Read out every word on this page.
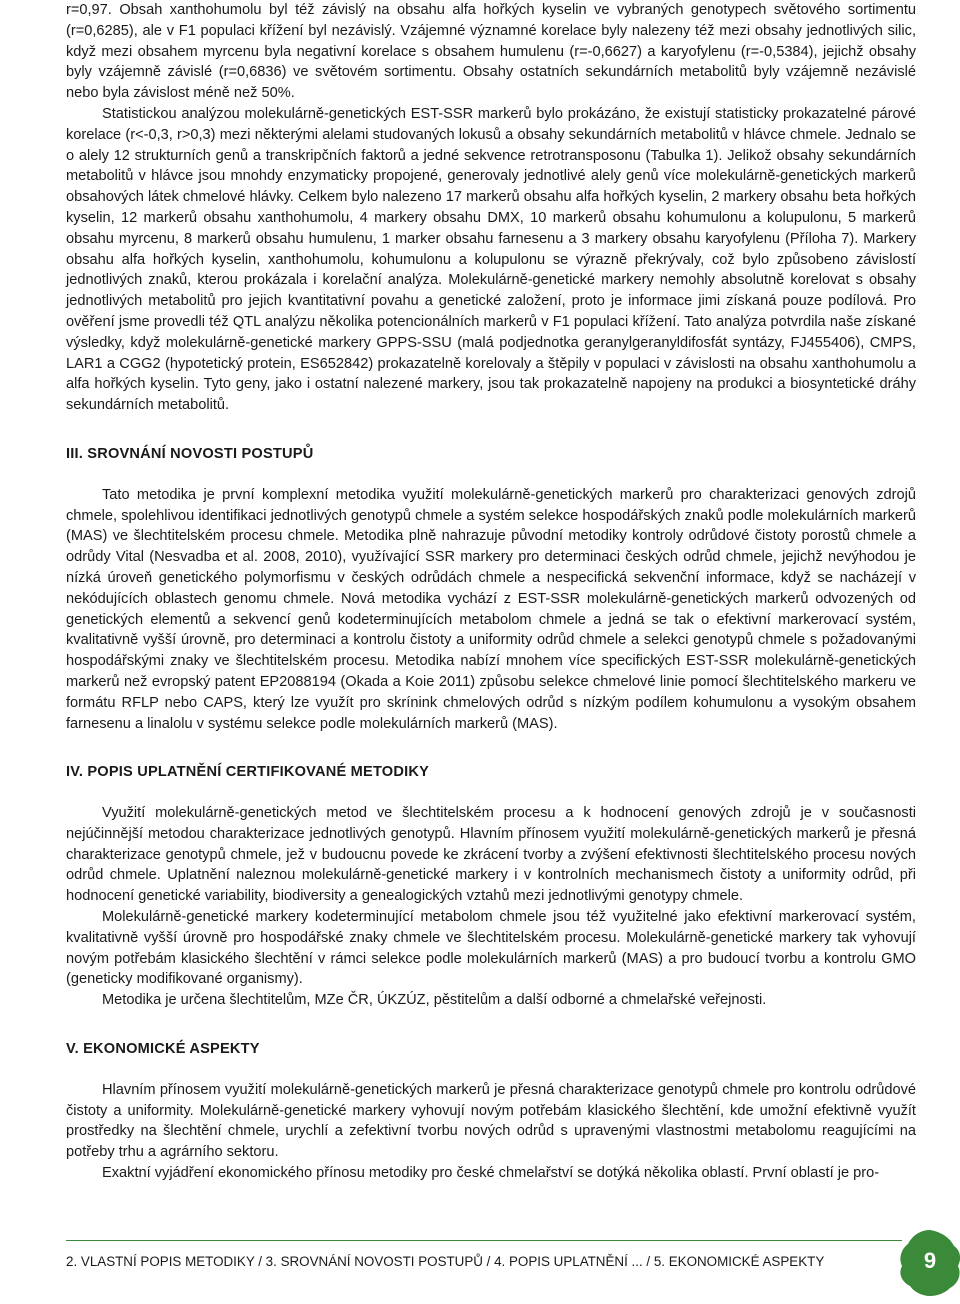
r=0,97. Obsah xanthohumolu byl též závislý na obsahu alfa hořkých kyselin ve vybraných genotypech světového sortimentu (r=0,6285), ale v F1 populaci křížení byl nezávislý. Vzájemné významné korelace byly nalezeny též mezi obsahy jednotlivých silic, když mezi obsahem myrcenu byla negativní korelace s obsahem humulenu (r=-0,6627) a karyofylenu (r=-0,5384), jejichž obsahy byly vzájemně závislé (r=0,6836) ve světovém sortimentu. Obsahy ostatních sekundárních metabolitů byly vzájemně nezávislé nebo byla závislost méně než 50%.

Statistickou analýzou molekulárně-genetických EST-SSR markerů bylo prokázáno, že existují statisticky prokazatelné párové korelace (r<-0,3, r>0,3) mezi některými alelami studovaných lokusů a obsahy sekundárních metabolitů v hlávce chmele. Jednalo se o alely 12 strukturních genů a transkripčních faktorů a jedné sekvence retrotransposonu (Tabulka 1). Jelikož obsahy sekundárních metabolitů v hlávce jsou mnohdy enzymaticky propojené, generovaly jednotlivé alely genů více molekulárně-genetických markerů obsahových látek chmelové hlávky. Celkem bylo nalezeno 17 markerů obsahu alfa hořkých kyselin, 2 markery obsahu beta hořkých kyselin, 12 markerů obsahu xanthohumolu, 4 markery obsahu DMX, 10 markerů obsahu kohumulonu a kolupulonu, 5 markerů obsahu myrcenu, 8 markerů obsahu humulenu, 1 marker obsahu farnesenu a 3 markery obsahu karyofylenu (Příloha 7). Markery obsahu alfa hořkých kyselin, xanthohumolu, kohumulonu a kolupulonu se výrazně překrývaly, což bylo způsobeno závislostí jednotlivých znaků, kterou prokázala i korelační analýza. Molekulárně-genetické markery nemohly absolutně korelovat s obsahy jednotlivých metabolitů pro jejich kvantitativní povahu a genetické založení, proto je informace jimi získaná pouze podílová. Pro ověření jsme provedli též QTL analýzu několika potencionálních markerů v F1 populaci křížení. Tato analýza potvrdila naše získané výsledky, když molekulárně-genetické markery GPPS-SSU (malá podjednotka geranylgeranyldifosfát syntázy, FJ455406), CMPS, LAR1 a CGG2 (hypotetický protein, ES652842) prokazatelně korelovaly a štěpily v populaci v závislosti na obsahu xanthohumolu a alfa hořkých kyselin. Tyto geny, jako i ostatní nalezené markery, jsou tak prokazatelně napojeny na produkci a biosyntetické dráhy sekundárních metabolitů.

III. SROVNÁNÍ NOVOSTI POSTUPŮ

Tato metodika je první komplexní metodika využití molekulárně-genetických markerů pro charakterizaci genových zdrojů chmele, spolehlivou identifikaci jednotlivých genotypů chmele a systém selekce hospodářských znaků podle molekulárních markerů (MAS) ve šlechtitelském procesu chmele. Metodika plně nahrazuje původní metodiky kontroly odrůdové čistoty porostů chmele a odrůdy Vital (Nesvadba et al. 2008, 2010), využívající SSR markery pro determinaci českých odrůd chmele, jejichž nevýhodou je nízká úroveň genetického polymorfismu v českých odrůdách chmele a nespecifická sekvenční informace, když se nacházejí v nekódujících oblastech genomu chmele. Nová metodika vychází z EST-SSR molekulárně-genetických markerů odvozených od genetických elementů a sekvencí genů kodeterminujících metabolom chmele a jedná se tak o efektivní markerovací systém, kvalitativně vyšší úrovně, pro determinaci a kontrolu čistoty a uniformity odrůd chmele a selekci genotypů chmele s požadovanými hospodářskými znaky ve šlechtitelském procesu. Metodika nabízí mnohem více specifických EST-SSR molekulárně-genetických markerů než evropský patent EP2088194 (Okada a Koie 2011) způsobu selekce chmelové linie pomocí šlechtitelského markeru ve formátu RFLP nebo CAPS, který lze využít pro skrínink chmelových odrůd s nízkým podílem kohumulonu a vysokým obsahem farnesenu a linalolu v systému selekce podle molekulárních markerů (MAS).

IV. POPIS UPLATNĚNÍ CERTIFIKOVANÉ METODIKY

Využití molekulárně-genetických metod ve šlechtitelském procesu a k hodnocení genových zdrojů je v současnosti nejúčinnější metodou charakterizace jednotlivých genotypů. Hlavním přínosem využití molekulárně-genetických markerů je přesná charakterizace genotypů chmele, jež v budoucnu povede ke zkrácení tvorby a zvýšení efektivnosti šlechtitelského procesu nových odrůd chmele. Uplatnění naleznou molekulárně-genetické markery i v kontrolních mechanismech čistoty a uniformity odrůd, při hodnocení genetické variability, biodiversity a genealogických vztahů mezi jednotlivými genotypy chmele.

Molekulárně-genetické markery kodeterminující metabolom chmele jsou též využitelné jako efektivní markerovací systém, kvalitativně vyšší úrovně pro hospodářské znaky chmele ve šlechtitelském procesu. Molekulárně-genetické markery tak vyhovují novým potřebám klasického šlechtění v rámci selekce podle molekulárních markerů (MAS) a pro budoucí tvorbu a kontrolu GMO (geneticky modifikované organismy).

Metodika je určena šlechtitelům, MZe ČR, ÚKZÚZ, pěstitelům a další odborné a chmelařské veřejnosti.

V. EKONOMICKÉ ASPEKTY

Hlavním přínosem využití molekulárně-genetických markerů je přesná charakterizace genotypů chmele pro kontrolu odrůdové čistoty a uniformity. Molekulárně-genetické markery vyhovují novým potřebám klasického šlechtění, kde umožní efektivně využít prostředky na šlechtění chmele, urychlí a zefektivní tvorbu nových odrůd s upravenými vlastnostmi metabolomu reagujícími na potřeby trhu a agrárního sektoru.

Exaktní vyjádření ekonomického přínosu metodiky pro české chmelařství se dotýká několika oblastí. První oblastí je pro-

2. VLASTNÍ POPIS METODIKY / 3. SROVNÁNÍ NOVOSTI POSTUPŮ / 4. POPIS UPLATNĚNÍ ... / 5. EKONOMICKÉ ASPEKTY	9
